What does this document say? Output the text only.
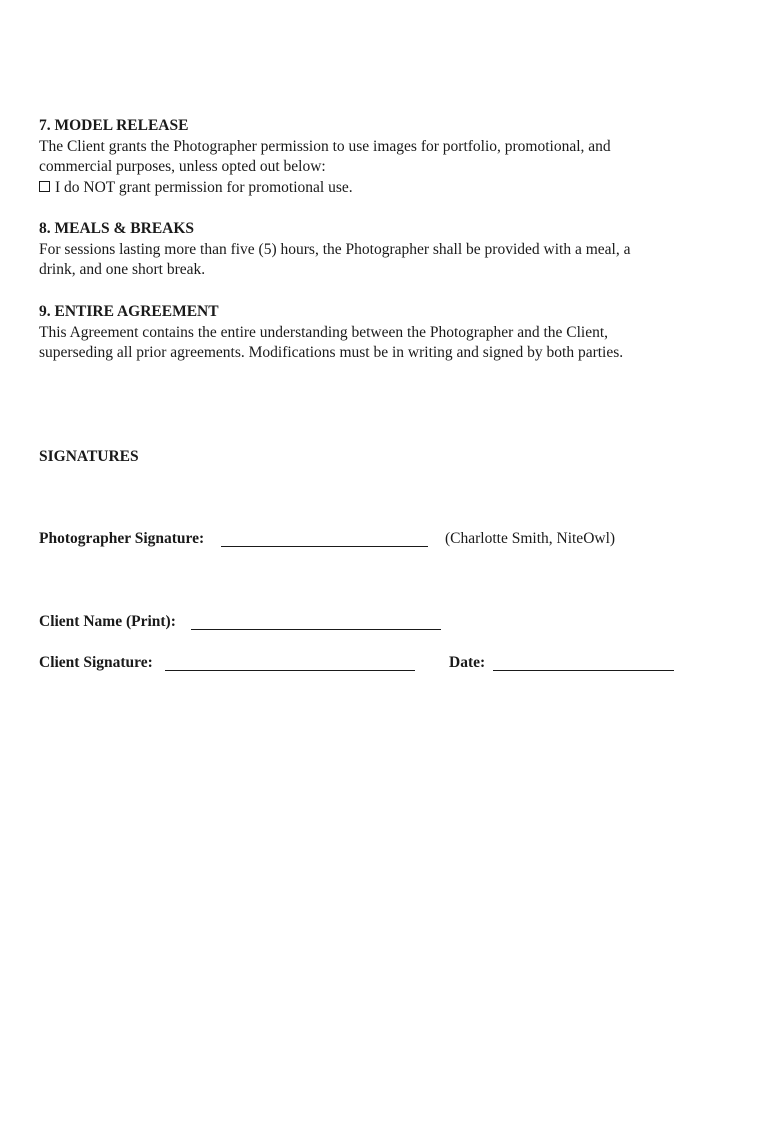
7. MODEL RELEASE
The Client grants the Photographer permission to use images for portfolio, promotional, and
commercial purposes, unless opted out below:
I do NOT grant permission for promotional use.
8. MEALS & BREAKS
For sessions lasting more than five (5) hours, the Photographer shall be provided with a meal, a
drink, and one short break.
9. ENTIRE AGREEMENT
This Agreement contains the entire understanding between the Photographer and the Client,
superseding all prior agreements. Modifications must be in writing and signed by both parties.
SIGNATURES
Photographer Signature:	(Charlotte Smith, NiteOwl)
Client Name (Print):
Client Signature:	Date:
